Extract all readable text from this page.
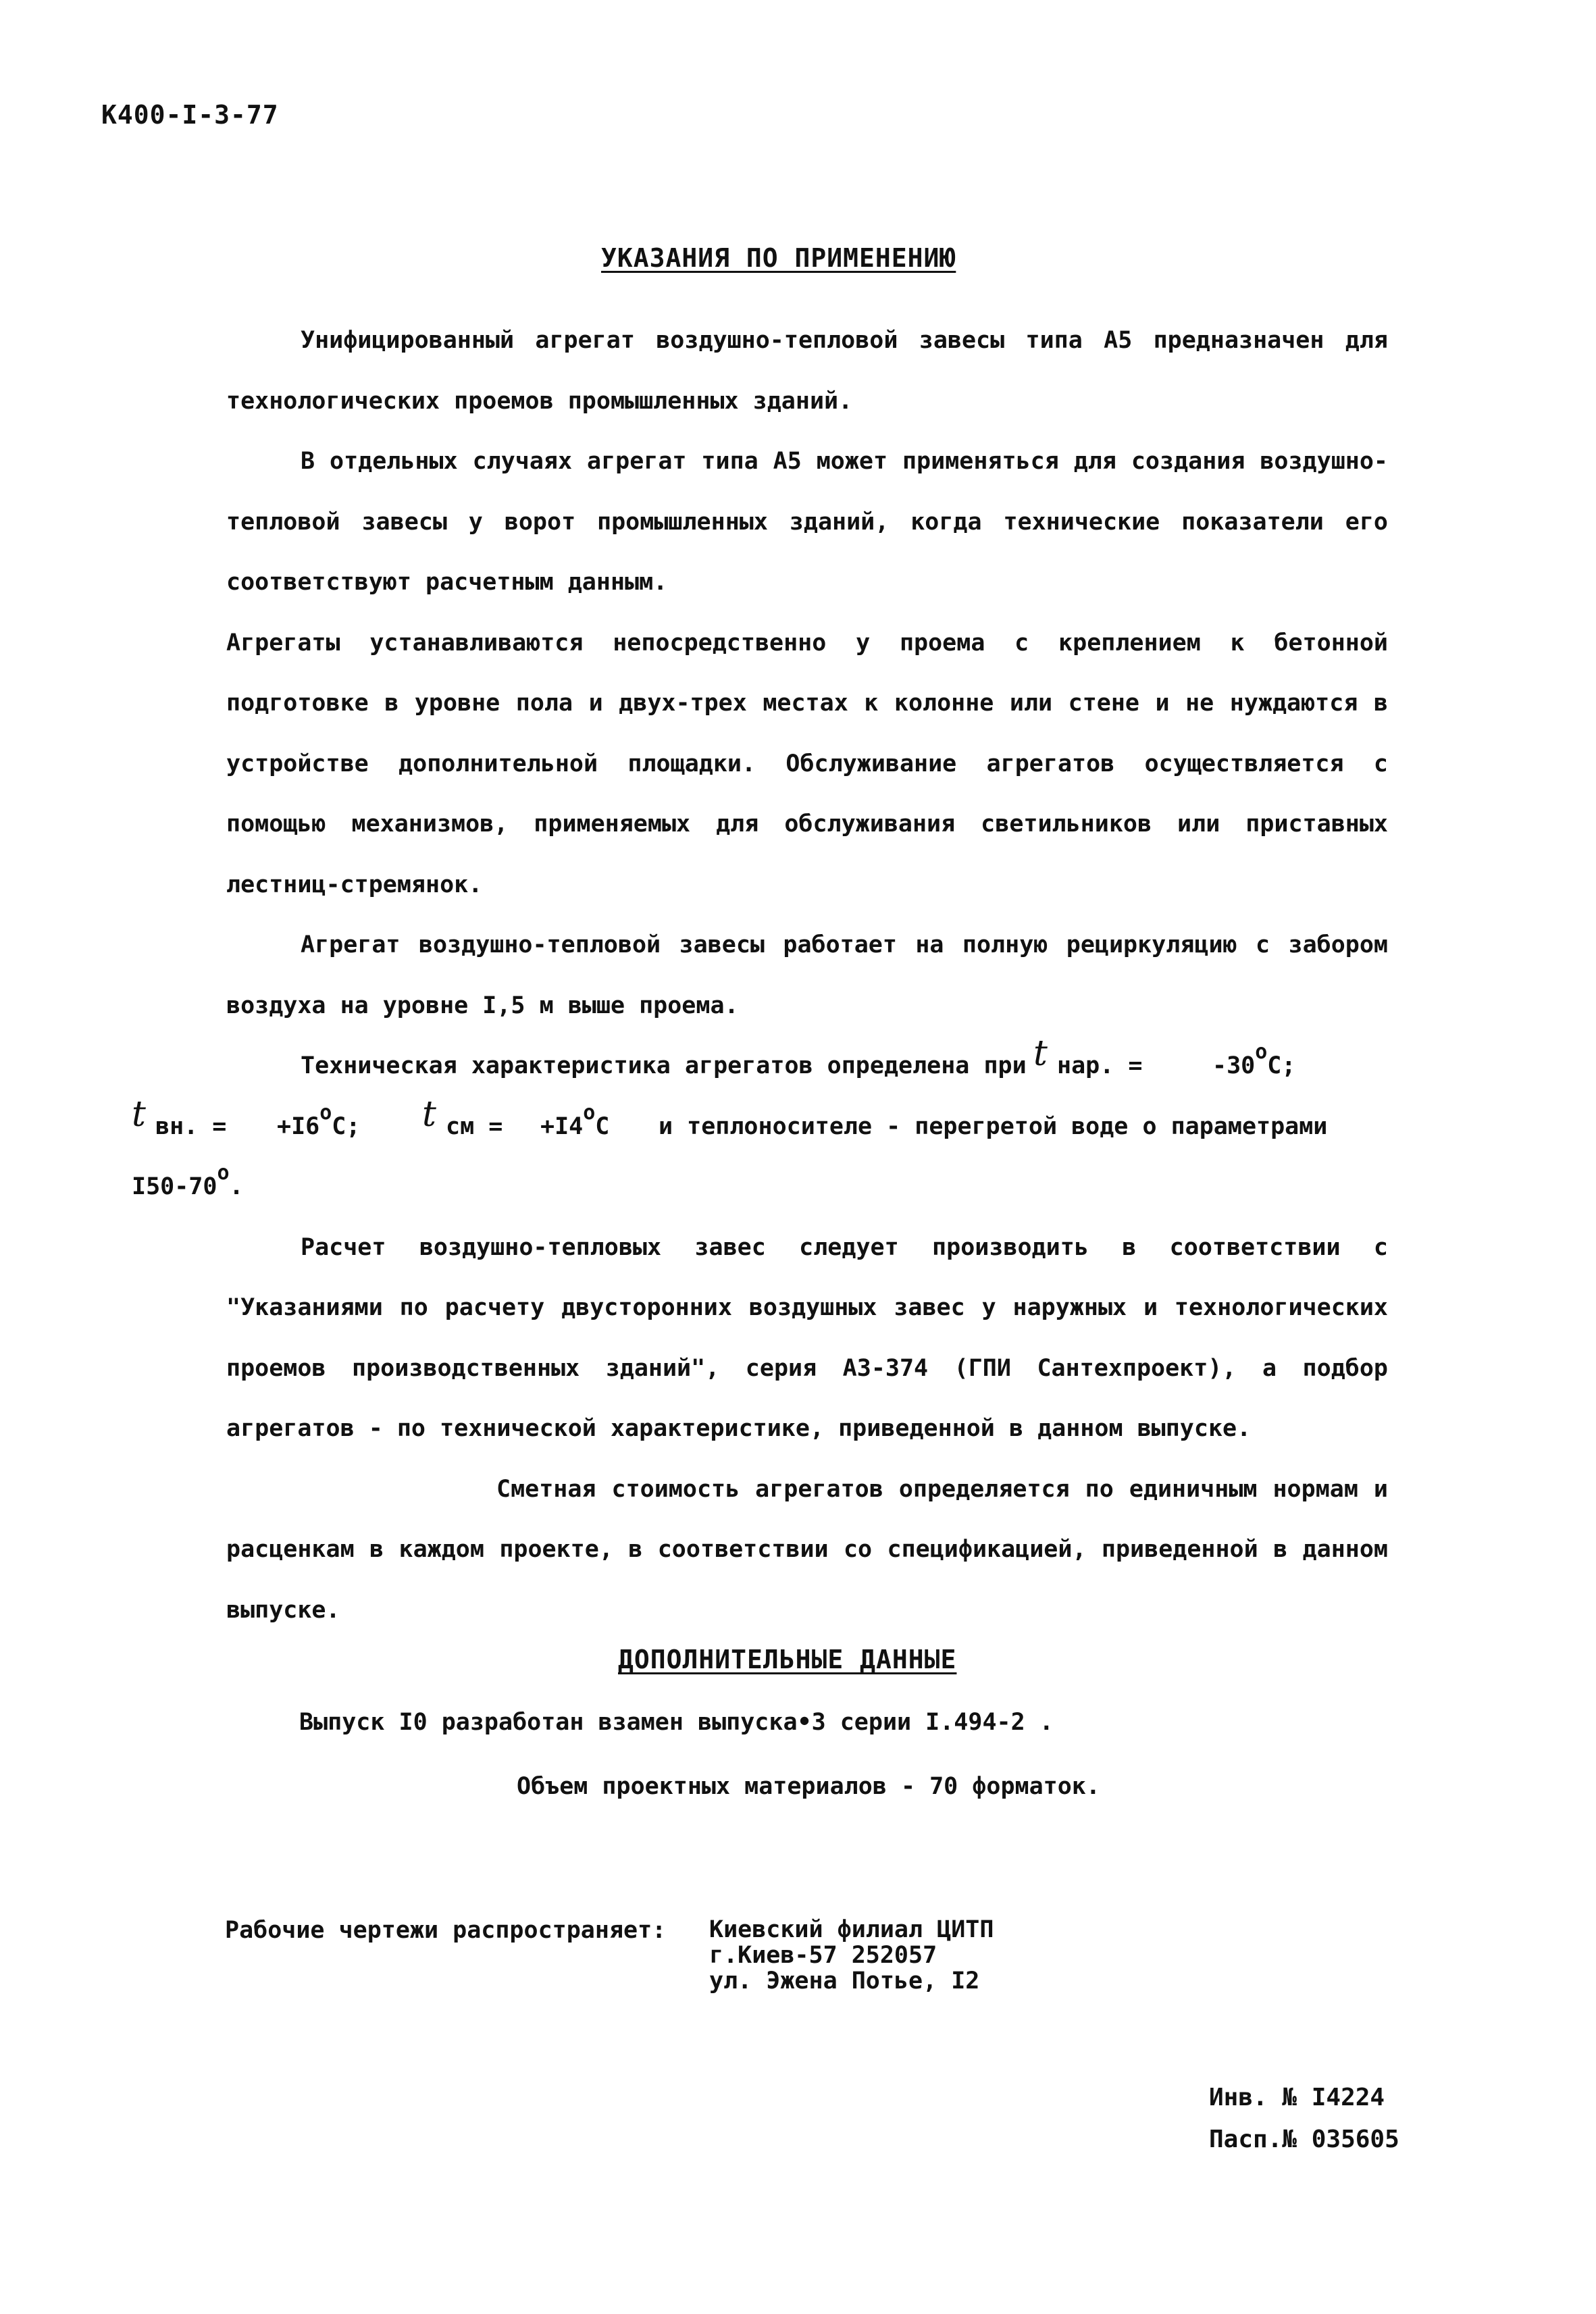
К400-I-3-77
УКАЗАНИЯ ПО ПРИМЕНЕНИЮ

Унифицированный агрегат воздушно-тепловой завесы типа А5 предназначен для технологических проемов промышленных зданий.

В отдельных случаях агрегат типа А5 может применяться для создания воздушно-тепловой завесы у ворот промышленных зданий, когда технические показатели его соответствуют расчетным данным.

Агрегаты устанавливаются непосредственно у проема с креплением к бетонной подготовке в уровне пола и двух-трех местах к колонне или стене и не нуждаются в устройстве дополнительной площадки. Обслуживание агрегатов осуществляется с помощью механизмов, применяемых для обслуживания светильников или приставных лестниц-стремянок.

Агрегат воздушно-тепловой завесы работает на полную рециркуляцию с забором воздуха на уровне I,5 м выше проема.

Техническая характеристика агрегатов определена при t нар. =	$-30^оС$;
t вн. = $+I6^оС$; t см = $+I4^оС$ и теплоносителе - перегретой воде о параметрами
$I50-70^о$.

Расчет воздушно-тепловых завес следует производить в соответствии с "Указаниями по расчету двусторонних воздушных завес у наружных и технологических проемов производственных зданий", серия А3-374 (ГПИ Сантехпроект), а подбор агрегатов - по технической характеристике, приведенной в данном выпуске.

Сметная стоимость агрегатов определяется по единичным нормам и расценкам в каждом проекте, в соответствии со спецификацией, приведенной в данном выпуске.

ДОПОЛНИТЕЛЬНЫЕ ДАННЫЕ
Выпуск I0 разработан взамен выпуска•3 серии I.494-2 .
Объем проектных материалов - 70 форматок.
Рабочие чертежи распространяет: Киевский филиал ЦИТП
г.Киев-57 252057
ул. Эжена Потье, I2
Инв. № I4224
Пасп.№ 035605
